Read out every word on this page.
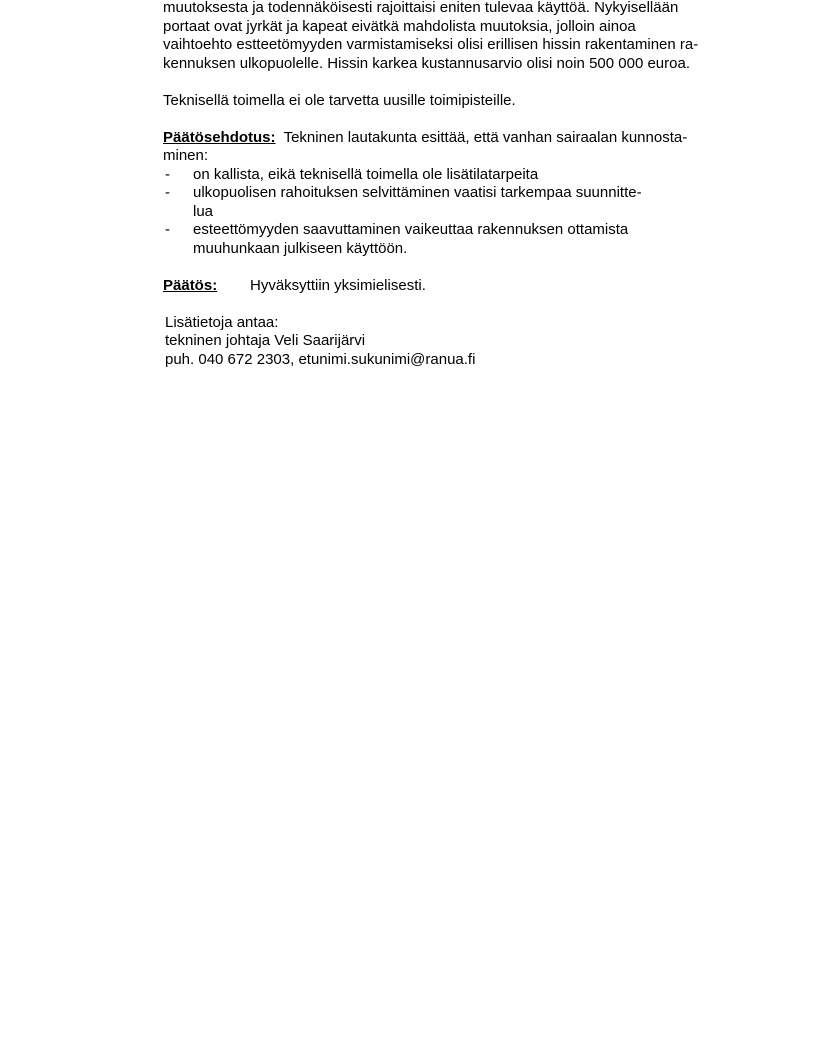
muutoksesta ja todennäköisesti rajoittaisi eniten tulevaa käyttöä. Nykyisellään
portaat ovat jyrkät ja kapeat eivätkä mahdolista muutoksia, jolloin ainoa
vaihtoehto estteetömyyden varmistamiseksi olisi erillisen hissin rakentaminen ra-
kennuksen ulkopuolelle. Hissin karkea kustannusarvio olisi noin 500 000 euroa.
Teknisellä toimella ei ole tarvetta uusille toimipisteille.
Päätösehdotus: Tekninen lautakunta esittää, että vanhan sairaalan kunnosta-
minen:
-	on kallista, eikä teknisellä toimella ole lisätilatarpeita
-	ulkopuolisen rahoituksen selvittäminen vaatisi tarkempaa suunnitte-
lua
-	esteettömyyden saavuttaminen vaikeuttaa rakennuksen ottamista
muuhunkaan julkiseen käyttöön.
Päätös:	Hyväksyttiin yksimielisesti.
Lisätietoja antaa:
tekninen johtaja Veli Saarijärvi
puh. 040 672 2303, etunimi.sukunimi@ranua.fi
